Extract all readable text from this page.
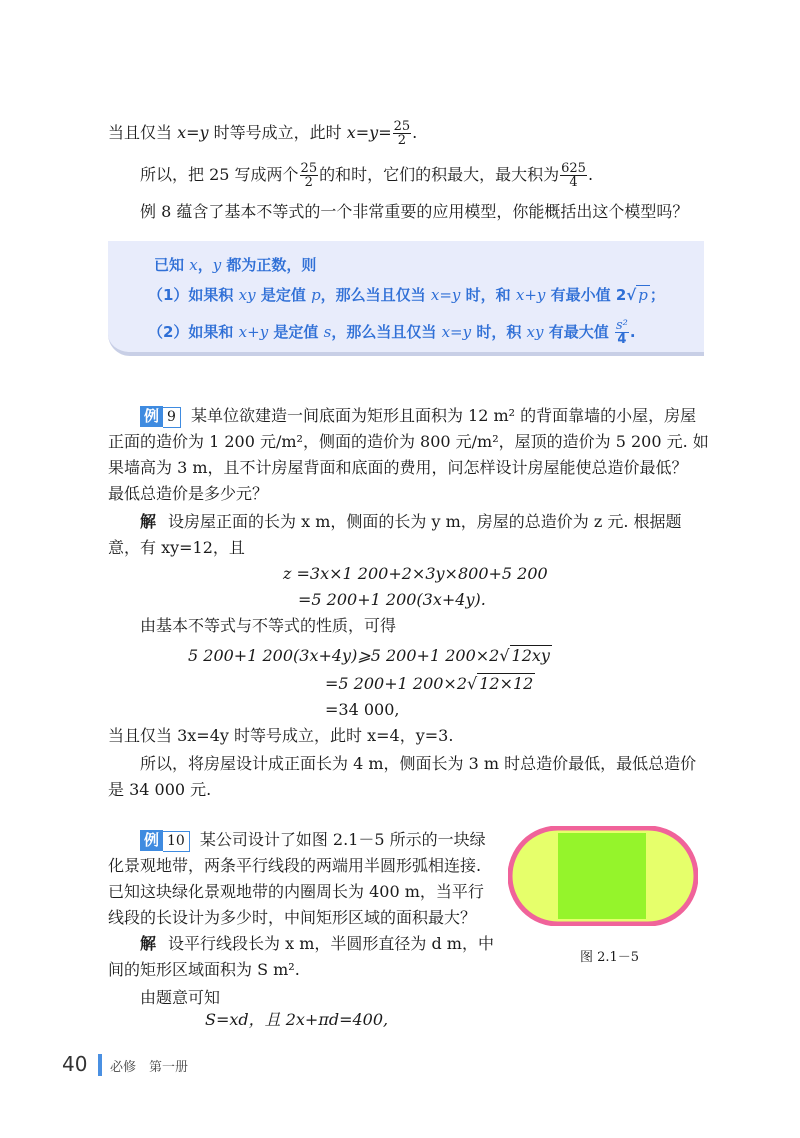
当且仅当 x=y 时等号成立，此时 $x=y= \frac{25}{2}$ .
所以，把 25 写成两个 $\frac{25}{2}$ 的和时，它们的积最大，最大积为 $\frac{625}{4}$ .
例 8 蕴含了基本不等式的一个非常重要的应用模型，你能概括出这个模型吗？
已知 x，y 都为正数，则
（1）如果积 xy 是定值 p，那么当且仅当 x=y 时，和 x+y 有最小值 2√ p ；
（2）如果和 x+y 是定值 s，那么当且仅当 x=y 时，积 xy 有最大值 $\frac{\text{s²}}{4}$ .
例 9 某单位欲建造一间底面为矩形且面积为 12 m² 的背面靠墙的小屋，房屋
正面的造价为 1 200 元/m²，侧面的造价为 800 元/m²，屋顶的造价为 5 200 元. 如
果墙高为 3 m，且不计房屋背面和底面的费用，问怎样设计房屋能使总造价最低？
最低总造价是多少元？
解 设房屋正面的长为 x m，侧面的长为 y m，房屋的总造价为 z 元. 根据题
意，有 xy=12，且
z =3x×1 200+2×3y×800+5 200
=5 200+1 200(3x+4y).
由基本不等式与不等式的性质，可得
5 200+1 200(3x+4y)⩾5 200+1 200×2√ 12xy
=5 200+1 200×2√ 12×12
=34 000,
当且仅当 3x=4y 时等号成立，此时 x=4，y=3.
所以，将房屋设计成正面长为 4 m，侧面长为 3 m 时总造价最低，最低总造价
是 34 000 元.
例 10 某公司设计了如图 2.1－5 所示的一块绿
化景观地带，两条平行线段的两端用半圆形弧相连接.
已知这块绿化景观地带的内圈周长为 400 m，当平行
线段的长设计为多少时，中间矩形区域的面积最大？
解 设平行线段长为 x m，半圆形直径为 d m，中
间的矩形区域面积为 S m².
由题意可知
S=xd，且 2x+πd=400,
图 2.1－5
40 必修　第一册
